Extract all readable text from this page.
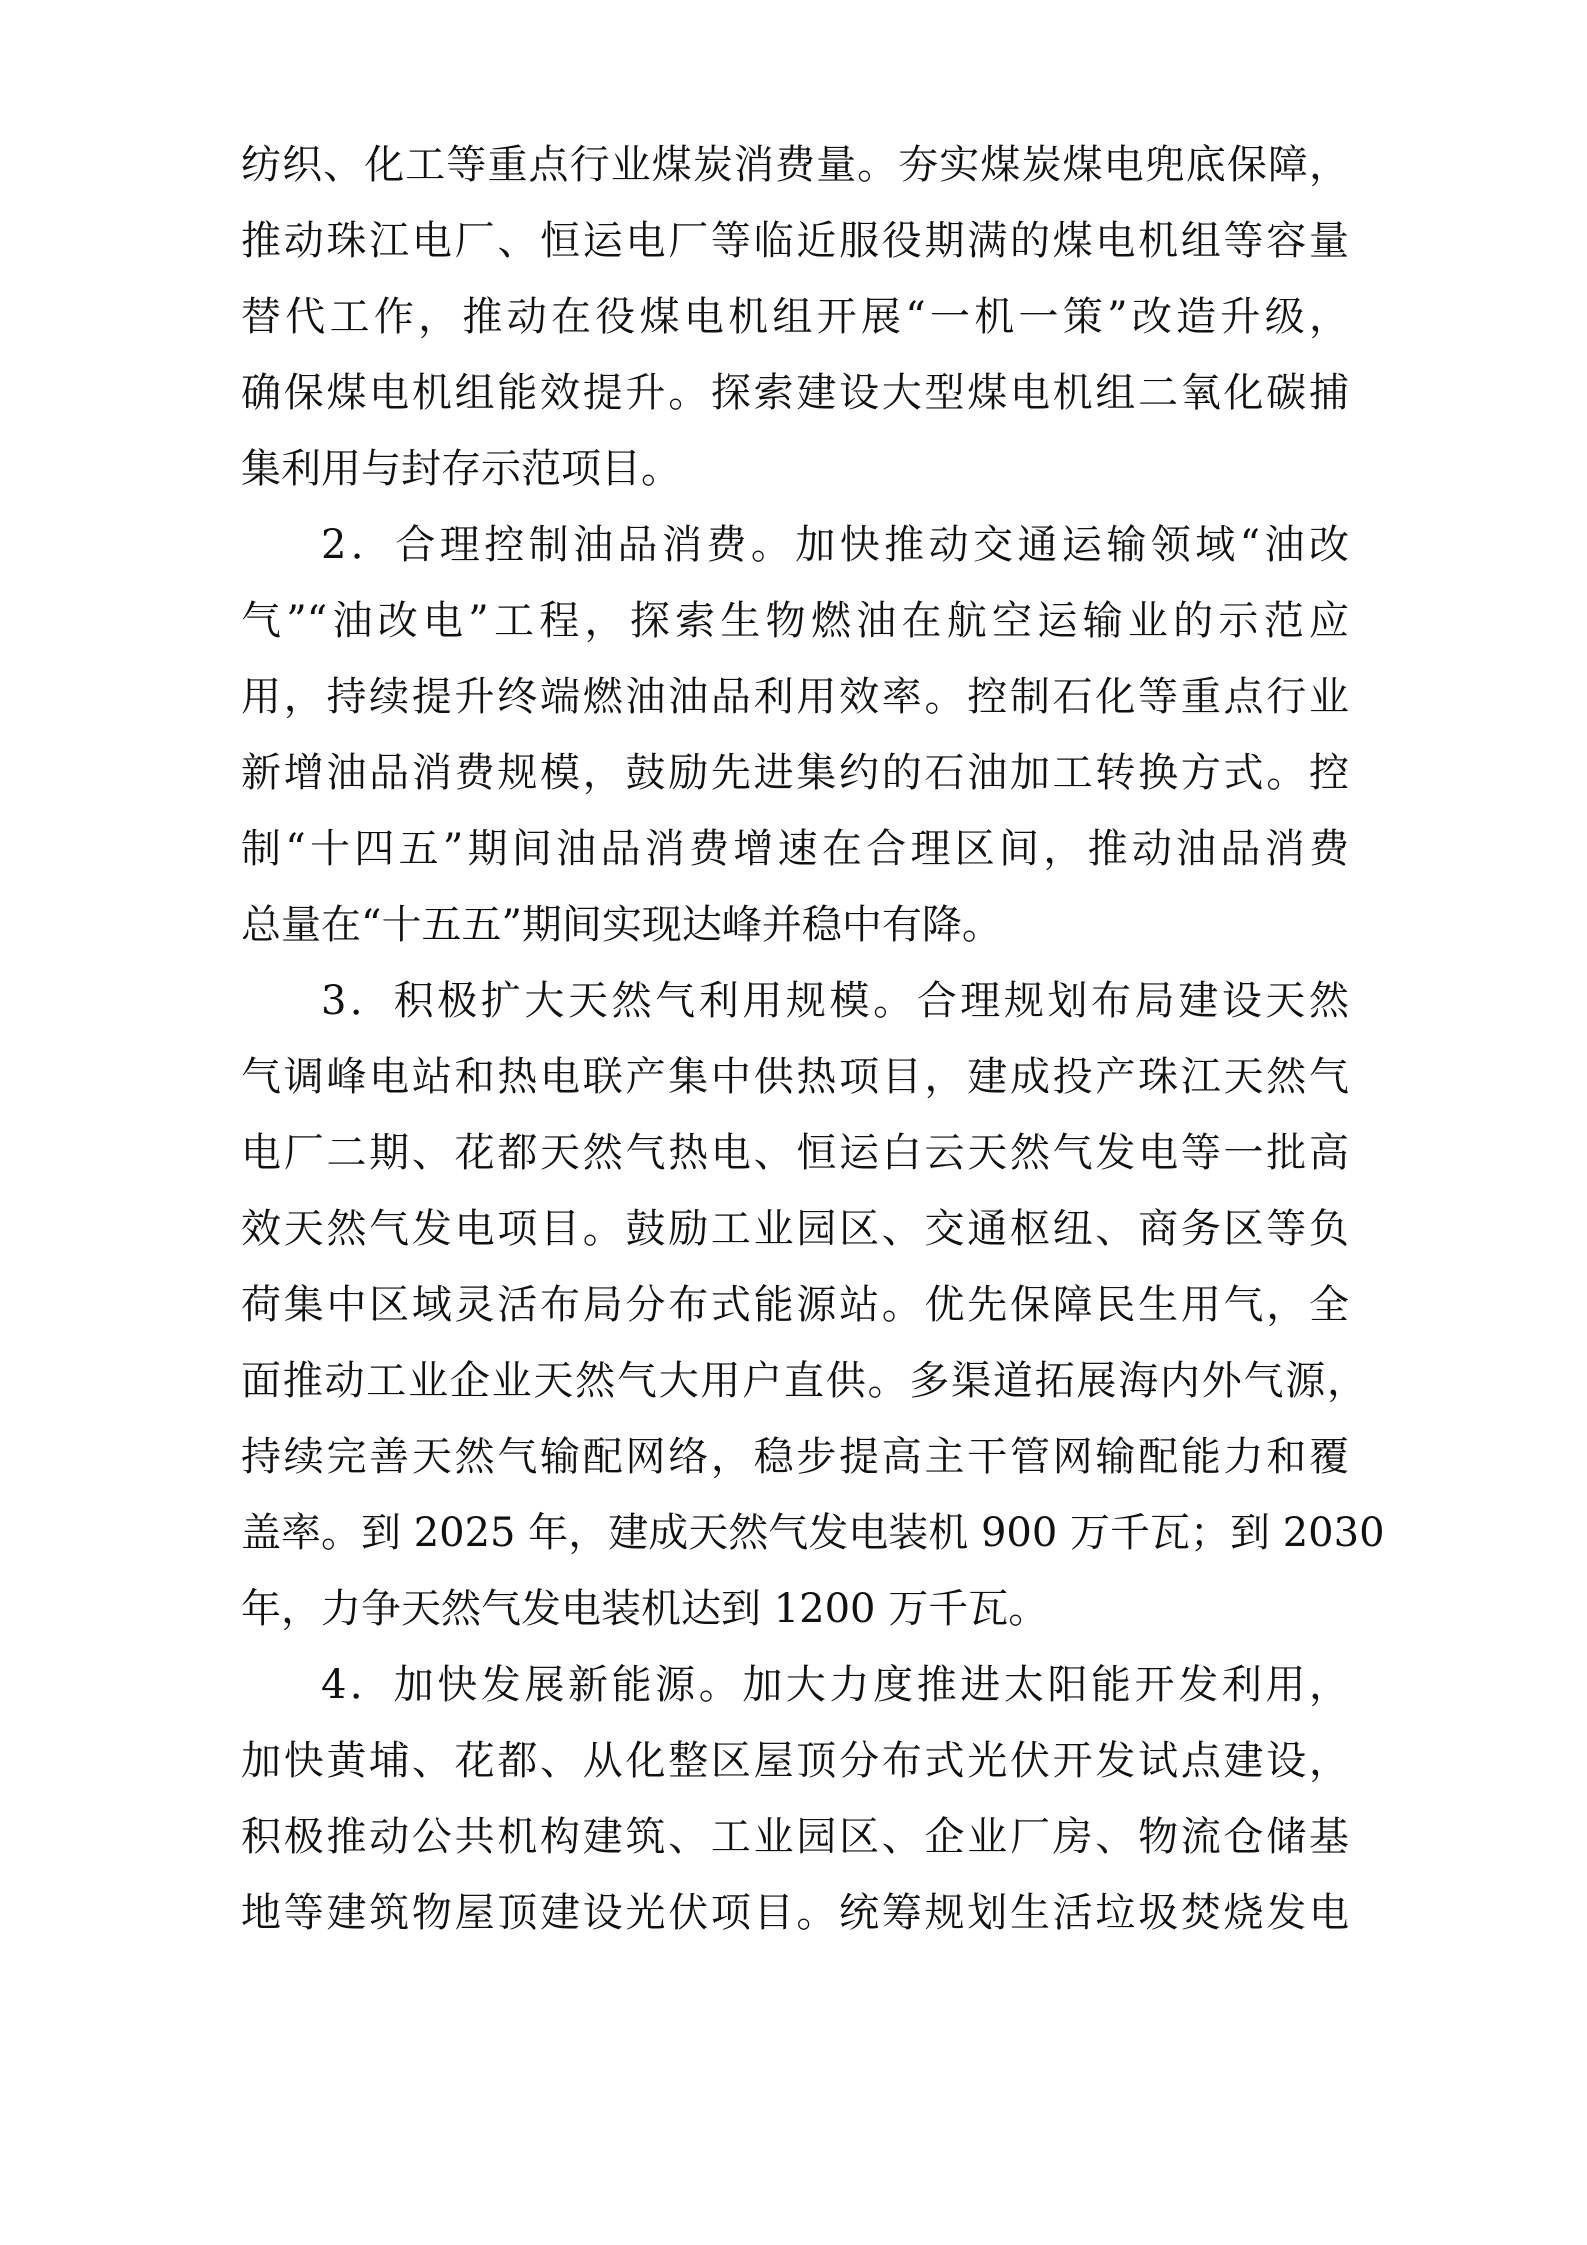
纺织、化工等重点行业煤炭消费量。夯实煤炭煤电兜底保障，
推动珠江电厂、恒运电厂等临近服役期满的煤电机组等容量
替代工作，推动在役煤电机组开展“一机一策”改造升级，
确保煤电机组能效提升。探索建设大型煤电机组二氧化碳捕
集利用与封存示范项目。
2．合理控制油品消费。加快推动交通运输领域“油改
气”“油改电”工程，探索生物燃油在航空运输业的示范应
用，持续提升终端燃油油品利用效率。控制石化等重点行业
新增油品消费规模，鼓励先进集约的石油加工转换方式。控
制“十四五”期间油品消费增速在合理区间，推动油品消费
总量在“十五五”期间实现达峰并稳中有降。
3．积极扩大天然气利用规模。合理规划布局建设天然
气调峰电站和热电联产集中供热项目，建成投产珠江天然气
电厂二期、花都天然气热电、恒运白云天然气发电等一批高
效天然气发电项目。鼓励工业园区、交通枢纽、商务区等负
荷集中区域灵活布局分布式能源站。优先保障民生用气，全
面推动工业企业天然气大用户直供。多渠道拓展海内外气源，
持续完善天然气输配网络，稳步提高主干管网输配能力和覆
盖率。到 2025 年，建成天然气发电装机 900 万千瓦；到 2030
年，力争天然气发电装机达到 1200 万千瓦。
4．加快发展新能源。加大力度推进太阳能开发利用，
加快黄埔、花都、从化整区屋顶分布式光伏开发试点建设，
积极推动公共机构建筑、工业园区、企业厂房、物流仓储基
地等建筑物屋顶建设光伏项目。统筹规划生活垃圾焚烧发电
